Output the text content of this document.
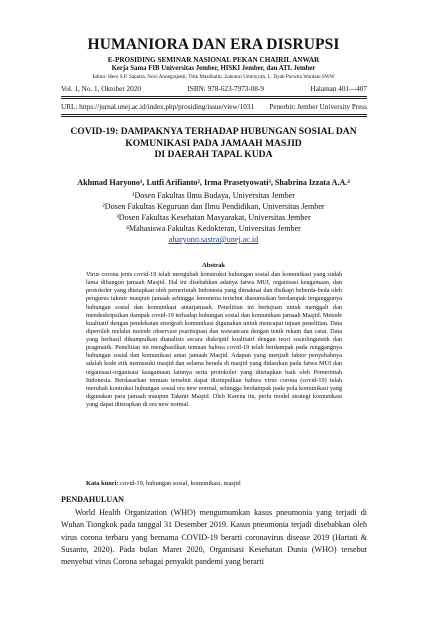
HUMANIORA DAN ERA DISRUPSI
E-PROSIDING SEMINAR NASIONAL PEKAN CHAIRIL ANWAR
Kerja Sama FIB Universitas Jember, HISKI Jember, dan ATL Jember
Editor: Heru S.P. Saputra, Novi Anoegrajekti, Titik Maslikatin, Zahratul Umniyyah, L. Dyah Purwita Wardani SWW
Vol. 1, No. 1, Oktober 2020	ISBN: 978-623-7973-08-9	Halaman 401—407
URL: https://jurnal.unej.ac.id/index.php/prosiding/issue/view/1031 Penerbit: Jember University Press
COVID-19: DAMPAKNYA TERHADAP HUBUNGAN SOSIAL DAN
KOMUNIKASI PADA JAMAAH MASJID
DI DAERAH TAPAL KUDA
Akhmad Haryono¹, Lutfi Arifianto², Irma Prasetyowati³, Shabrina Izzata A.A.⁴
¹Dosen Fakultas Ilmu Budaya, Universitas Jember
²Dosen Fakultas Keguruan dan Ilmu Pendidikan, Universitas Jember
³Dosen Fakultas Kesehatan Masyarakat, Universitas Jember
⁴Mahasiswa Fakultas Kedokteran, Universitas Jember
aharyono.sastra@unej.ac.id
Abstrak
Virus corona jenis covid-19 telah mengubah konstruksi hubungan sosial dan komunikasi yang sudah lama dibangun jamaah Masjid. Hal ini disebabkan adanya fatwa MUI, organisasi keagamaan, dan protokoler yang ditetapkan oleh pemerintah Indonesia yang dimaknai dan disikapi beberda-beda oleh pengurus takmir maupun jamaah sehingga fenomena tersebut diasumsikan berdampak terganggunya hubungan sosial dan komunikasi antarjamaah. Penelitian ini bertujuan untuk menggali dan mendeskripsikan dampak covid-19 terhadap hubungan sosial dan komunikasi jamaah Masjid. Metode kualitatif dengan pendekatan etnografi komunikasi digunakan untuk mencapai tujuan penelitian. Data diperoleh melalui metode observasi psartisipasi dan wawancara dengan tenik rekam dan catat. Data yang berhasil dikumpulkan dianalisis secara diskriptif kualitatif dengan teori sosiolinguistik dan pragmatik. Penelitian ini menghasilkan temuan bahwa covid-19 telah berdampak pada renggangnya hubungan sosial dan komunikasi antar jamaah Masjid. Adapun yang menjadi faktor penyebabnya adalah kode etik memasuki masjid dan selama berada di masjid yang didasrkan pada fatwa MUI dan organisasi-organisasi keagamaan lainnya serta protokoler yang ditetapkan baik oleh Pemerintah Indonesia. Berdasarkan temuan tersebut dapat disimpulkan bahwa virus corona (covid-19) telah merubah kontruksi hubungan sosial era new normal, sehingga berdampak pada pola komunikasi yang digunakan para jamaah maupun Takmir Masjid. Oleh Karena itu, perlu model strategi komunikasi yang dapat diterapkan di era new normal.
Kata kunci: covid-19, hubungan sosial, komunikasi, masjid
PENDAHULUAN
World Health Organization (WHO) mengumumkan kasus pneumonia yang terjadi di Wuhan Tiongkok pada tanggal 31 Desember 2019. Kasus pneumonia terjadi disebabkan oleh virus corona terbaru yang bernama COVID-19 berarti coronavirus disease 2019 (Hartati & Susanto, 2020). Pada bulan Maret 2020, Organisasi Kesehatan Dunia (WHO) tersebut menyebut virus Corona sebagai penyakit pandemi yang berarti
